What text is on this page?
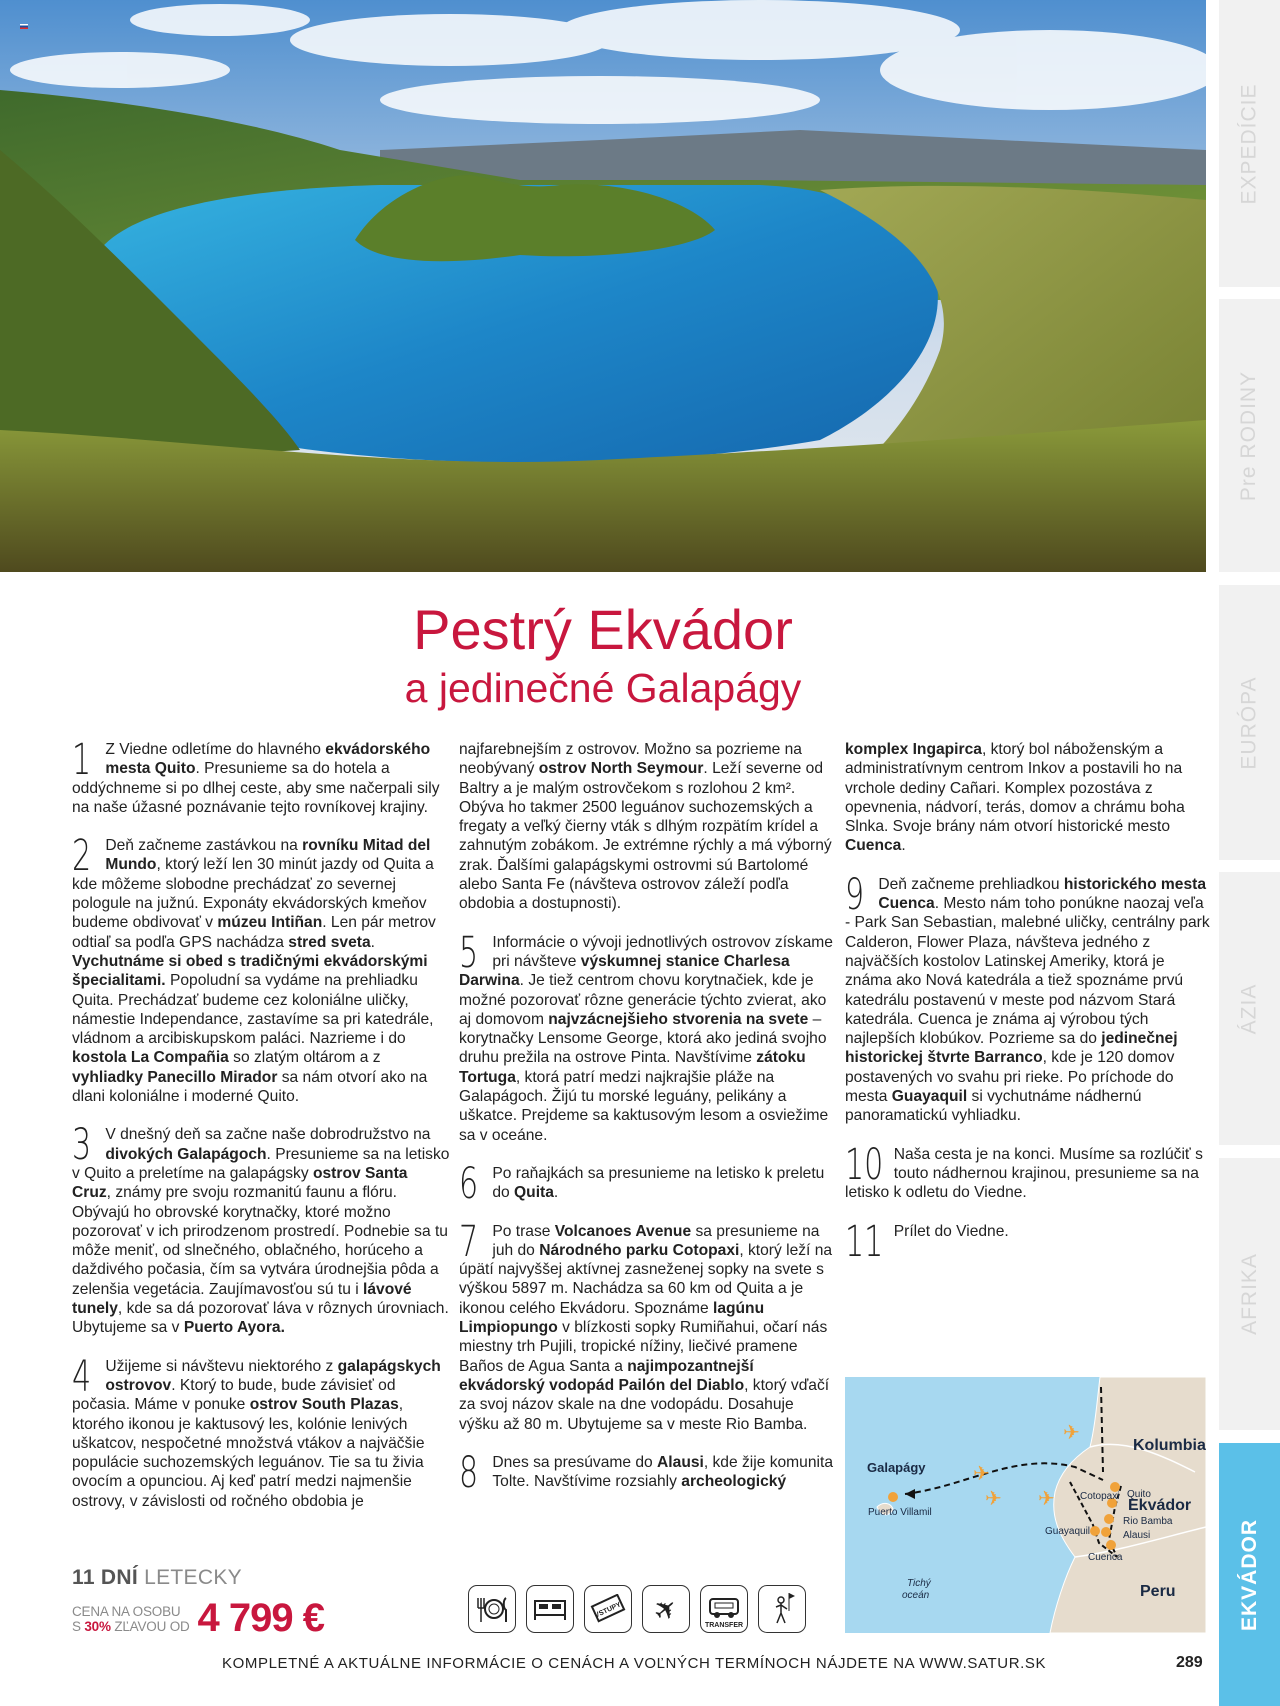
EXPEDÍCIE
Pre RODINY
EURÓPA
ÁZIA
AFRIKA
EKVÁDOR
Pestrý Ekvádor
a jedinečné Galapágy
1 Z Viedne odletíme do hlavného ekvádorského mesta Quito. Presunieme sa do hotela a oddýchneme si po dlhej ceste, aby sme načerpali sily na naše úžasné poznávanie tejto rovníkovej krajiny.
2 Deň začneme zastávkou na rovníku Mitad del Mundo, ktorý leží len 30 minút jazdy od Quita a kde môžeme slobodne prechádzať zo severnej pologule na južnú. Exponáty ekvádorských kmeňov budeme obdivovať v múzeu Intiñan. Len pár metrov odtiaľ sa podľa GPS nachádza stred sveta. Vychutnáme si obed s tradičnými ekvádorskými špecialitami. Popoludní sa vydáme na prehliadku Quita. Prechádzať budeme cez koloniálne uličky, námestie Independance, zastavíme sa pri katedrále, vládnom a arcibiskupskom paláci. Nazrieme i do kostola La Compañia so zlatým oltárom a z vyhliadky Panecillo Mirador sa nám otvorí ako na dlani koloniálne i moderné Quito.
3 V dnešný deň sa začne naše dobrodružstvo na divokých Galapágoch. Presunieme sa na letisko v Quito a preletíme na galapágsky ostrov Santa Cruz, známy pre svoju rozmanitú faunu a flóru. Obývajú ho obrovské korytnačky, ktoré možno pozorovať v ich prirodzenom prostredí. Podnebie sa tu môže meniť, od slnečného, oblačného, horúceho a daždivého počasia, čím sa vytvára úrodnejšia pôda a zelenšia vegetácia. Zaujímavosťou sú tu i lávové tunely, kde sa dá pozorovať láva v rôznych úrovniach. Ubytujeme sa v Puerto Ayora.
4 Užijeme si návštevu niektorého z galapágskych ostrovov. Ktorý to bude, bude závisieť od počasia. Máme v ponuke ostrov South Plazas, ktorého ikonou je kaktusový les, kolónie lenivých uškatcov, nespočetné množstvá vtákov a najväčšie populácie suchozemských leguánov. Tie sa tu živia ovocím a opunciou. Aj keď patrí medzi najmenšie ostrovy, v závislosti od ročného obdobia je
najfarebnejším z ostrovov. Možno sa pozrieme na neobývaný ostrov North Seymour. Leží severne od Baltry a je malým ostrovčekom s rozlohou 2 km². Obýva ho takmer 2500 leguánov suchozemských a fregaty a veľký čierny vták s dlhým rozpätím krídel a zahnutým zobákom. Je extrémne rýchly a má výborný zrak. Ďalšími galapágskymi ostrovmi sú Bartolomé alebo Santa Fe (návšteva ostrovov záleží podľa obdobia a dostupnosti).
5 Informácie o vývoji jednotlivých ostrovov získame pri návšteve výskumnej stanice Charlesa Darwina. Je tiež centrom chovu korytnačiek, kde je možné pozorovať rôzne generácie týchto zvierat, ako aj domovom najvzácnejšieho stvorenia na svete – korytnačky Lensome George, ktorá ako jediná svojho druhu prežila na ostrove Pinta. Navštívime zátoku Tortuga, ktorá patrí medzi najkrajšie pláže na Galapágoch. Žijú tu morské leguány, pelikány a uškatce. Prejdeme sa kaktusovým lesom a osviežime sa v oceáne.
6 Po raňajkách sa presunieme na letisko k preletu do Quita.
7 Po trase Volcanoes Avenue sa presunieme na juh do Národného parku Cotopaxi, ktorý leží na úpätí najvyššej aktívnej zasneženej sopky na svete s výškou 5897 m. Nachádza sa 60 km od Quita a je ikonou celého Ekvádoru. Spoznáme lagúnu Limpiopungo v blízkosti sopky Rumiñahui, očarí nás miestny trh Pujili, tropické nížiny, liečivé pramene Baños de Agua Santa a najimpozantnejší ekvádorský vodopád Pailón del Diablo, ktorý vďačí za svoj názov skale na dne vodopádu. Dosahuje výšku až 80 m. Ubytujeme sa v meste Rio Bamba.
8 Dnes sa presúvame do Alausi, kde žije komunita Tolte. Navštívime rozsiahly archeologický
komplex Ingapirca, ktorý bol náboženským a administratívnym centrom Inkov a postavili ho na vrchole dediny Cañari. Komplex pozostáva z opevnenia, nádvorí, terás, domov a chrámu boha Slnka. Svoje brány nám otvorí historické mesto Cuenca.
9 Deň začneme prehliadkou historického mesta Cuenca. Mesto nám toho ponúkne naozaj veľa - Park San Sebastian, malebné uličky, centrálny park Calderon, Flower Plaza, návšteva jedného z najväčších kostolov Latinskej Ameriky, ktorá je známa ako Nová katedrála a tiež spoznáme prvú katedrálu postavenú v meste pod názvom Stará katedrála. Cuenca je známa aj výrobou tých najlepších klobúkov. Pozrieme sa do jedinečnej historickej štvrte Barranco, kde je 120 domov postavených vo svahu pri rieke. Po príchode do mesta Guayaquil si vychutnáme nádhernú panoramatickú vyhliadku.
10 Naša cesta je na konci. Musíme sa rozlúčiť s touto nádhernou krajinou, presunieme sa na letisko k odletu do Viedne.
11 Prílet do Viedne.
✈
✈
✈ ✈
Galapágy
Puerto Villamil
Kolumbia
Quito
Cotopaxi
Ekvádor
Rio Bamba
Alausi
Guayaquil
Cuenca
Peru
Tichý
oceán
11 DNÍ LETECKY
CENA NA OSOBU
S 30% ZĽAVOU OD 4 799 €	VSTUPY ✈	TRANSFER
KOMPLETNÉ A AKTUÁLNE INFORMÁCIE O CENÁCH A VOĽNÝCH TERMÍNOCH NÁJDETE NA WWW.SATUR.SK	289
